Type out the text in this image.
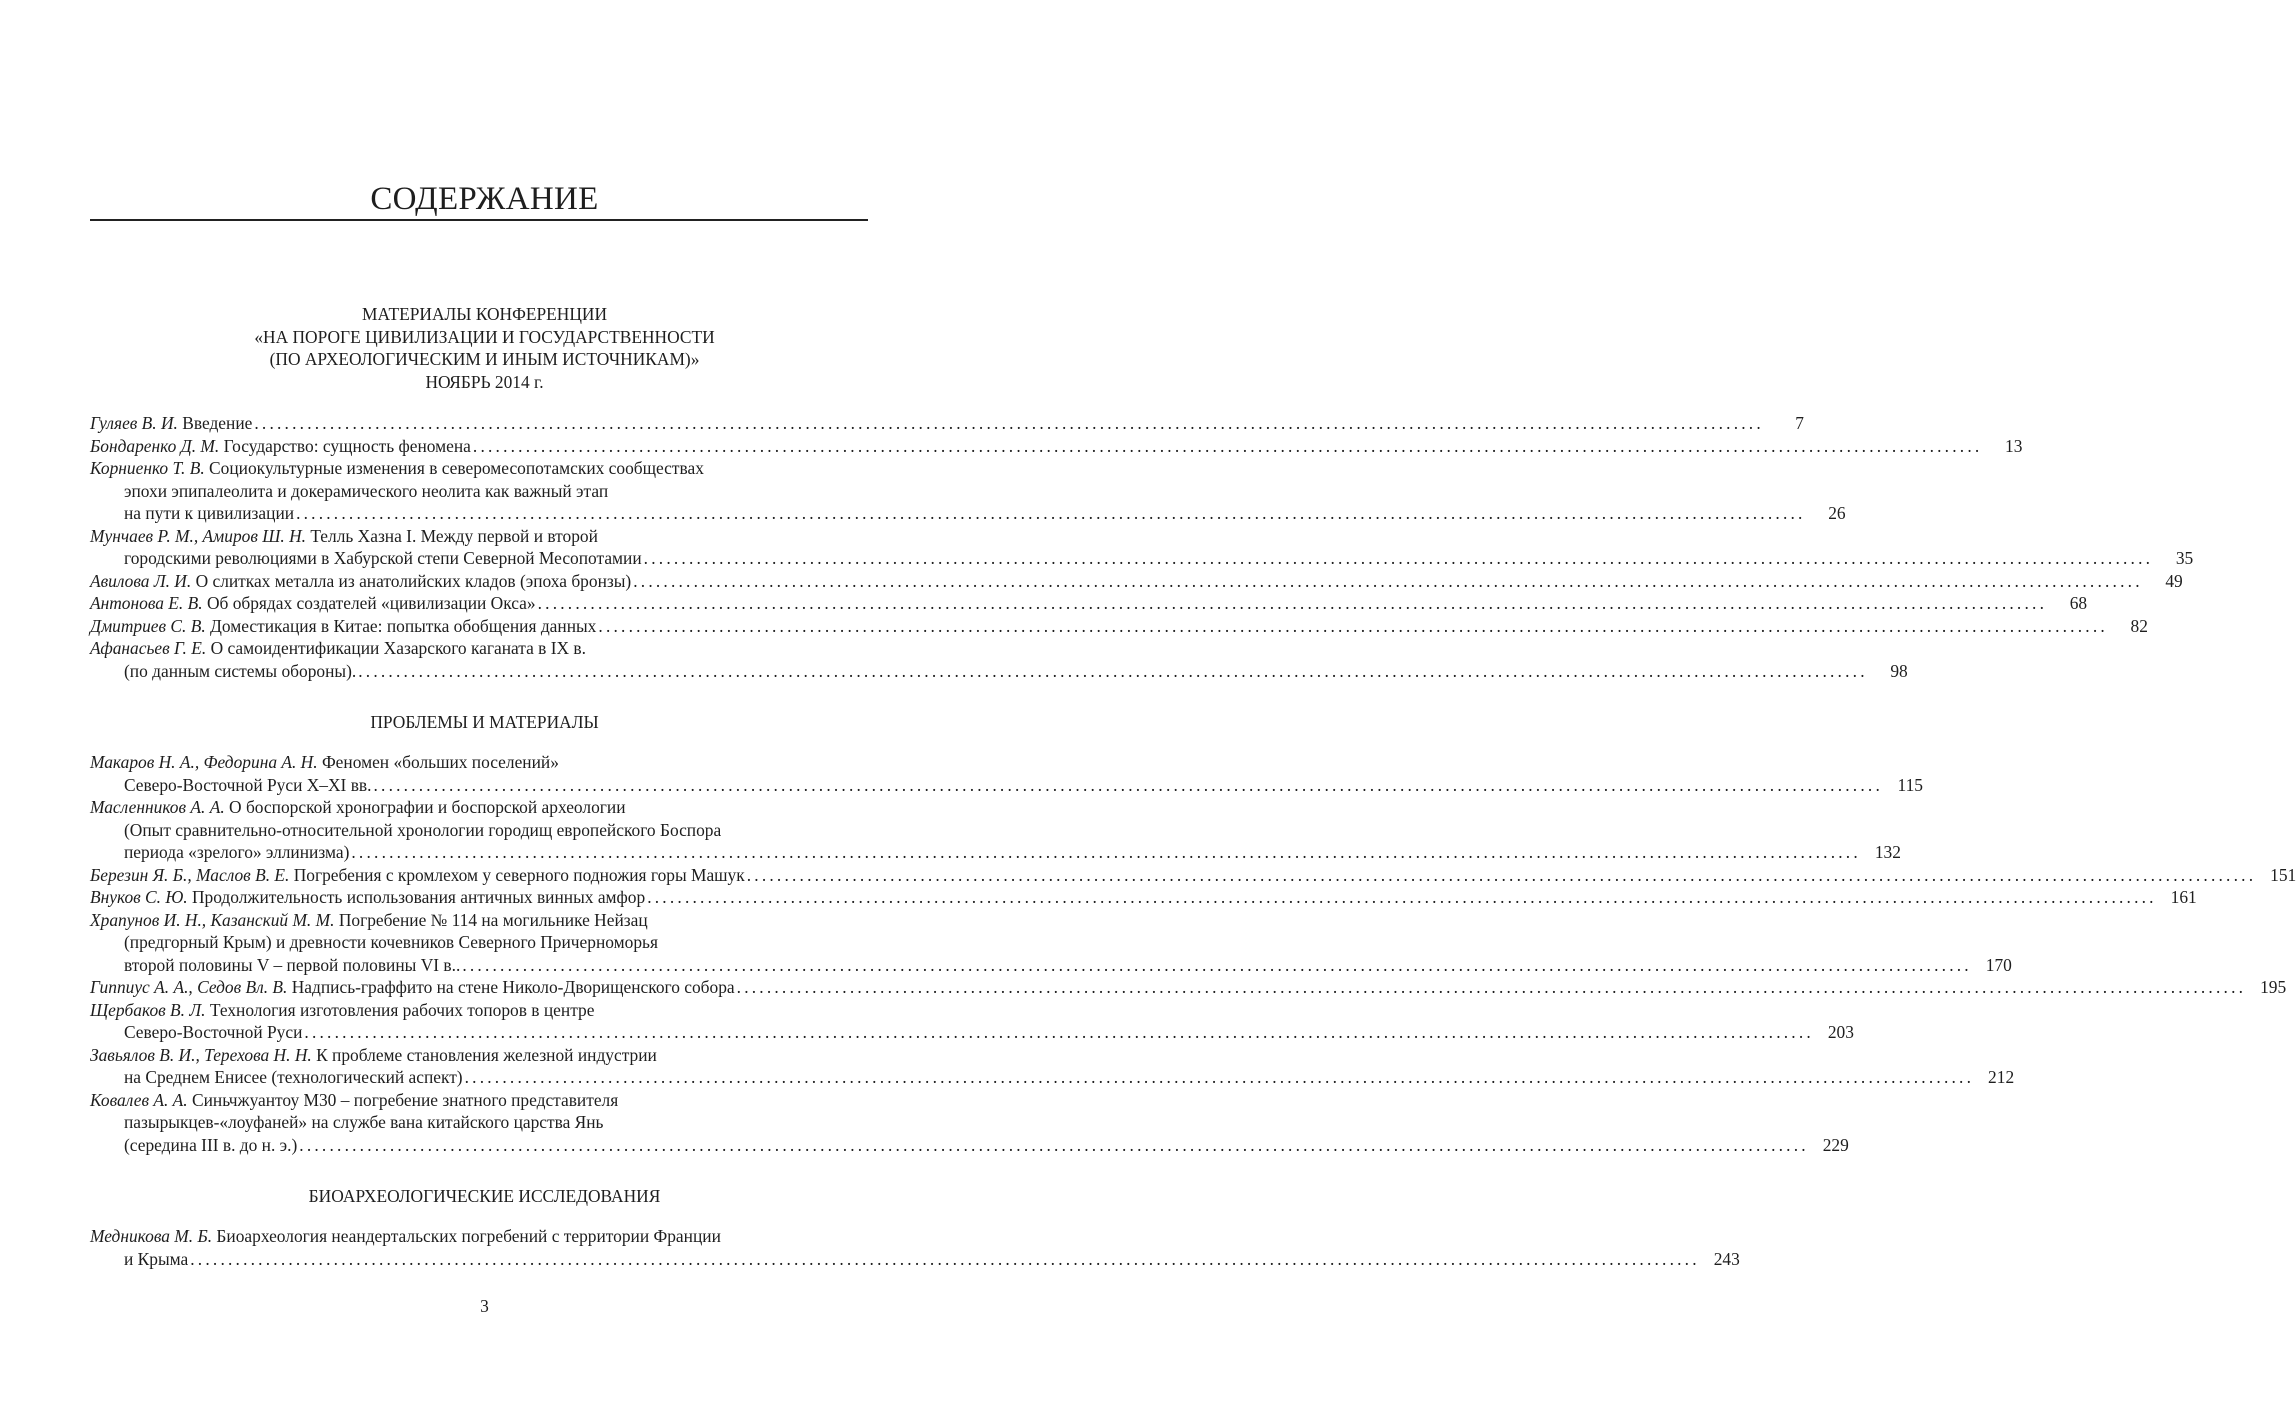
СОДЕРЖАНИЕ
МАТЕРИАЛЫ КОНФЕРЕНЦИИ
«НА ПОРОГЕ ЦИВИЛИЗАЦИИ И ГОСУДАРСТВЕННОСТИ
(ПО АРХЕОЛОГИЧЕСКИМ И ИНЫМ ИСТОЧНИКАМ)»
НОЯБРЬ 2014 г.
Гуляев В. И. Введение ........................................................................................................................................................................................................	7
Бондаренко Д. М. Государство: сущность феномена ........................................................................................................................................................................................................	13
Корниенко Т. В. Социокультурные изменения в северомесопотамских сообществах
эпохи эпипалеолита и докерамического неолита как важный этап
на пути к цивилизации ........................................................................................................................................................................................................	26
Мунчаев Р. М., Амиров Ш. Н. Телль Хазна I. Между первой и второй
городскими революциями в Хабурской степи Северной Месопотамии ........................................................................................................................................................................................................	35
Авилова Л. И. О слитках металла из анатолийских кладов (эпоха бронзы) ........................................................................................................................................................................................................	49
Антонова Е. В. Об обрядах создателей «цивилизации Окса» ........................................................................................................................................................................................................	68
Дмитриев С. В. Доместикация в Китае: попытка обобщения данных ........................................................................................................................................................................................................	82
Афанасьев Г. Е. О самоидентификации Хазарского каганата в IX в.
(по данным системы обороны). ........................................................................................................................................................................................................	98
ПРОБЛЕМЫ И МАТЕРИАЛЫ
Макаров Н. А., Федорина А. Н. Феномен «больших поселений»
Северо-Восточной Руси X–XI вв. ........................................................................................................................................................................................................ 115
Масленников А. А. О боспорской хронографии и боспорской археологии
(Опыт сравнительно-относительной хронологии городищ европейского Боспора
периода «зрелого» эллинизма) ........................................................................................................................................................................................................ 132
Березин Я. Б., Маслов В. Е. Погребения с кромлехом у северного подножия горы Машук ........................................................................................................................................................................................................ 151
Внуков С. Ю. Продолжительность использования античных винных амфор ........................................................................................................................................................................................................ 161
Храпунов И. Н., Казанский М. М. Погребение № 114 на могильнике Нейзац
(предгорный Крым) и древности кочевников Северного Причерноморья
второй половины V – первой половины VI в.. ........................................................................................................................................................................................................ 170
Гиппиус А. А., Седов Вл. В. Надпись-граффито на стене Николо-Дворищенского собора ........................................................................................................................................................................................................ 195
Щербаков В. Л. Технология изготовления рабочих топоров в центре
Северо-Восточной Руси ........................................................................................................................................................................................................ 203
Завьялов В. И., Терехова Н. Н. К проблеме становления железной индустрии
на Среднем Енисее (технологический аспект) ........................................................................................................................................................................................................ 212
Ковалев А. А. Синьчжуантоу М30 – погребение знатного представителя
пазырыкцев-«лоуфаней» на службе вана китайского царства Янь
(середина III в. до н. э.) ........................................................................................................................................................................................................ 229
БИОАРХЕОЛОГИЧЕСКИЕ ИССЛЕДОВАНИЯ
Медникова М. Б. Биоархеология неандертальских погребений с территории Франции
и Крыма ........................................................................................................................................................................................................ 243
3
